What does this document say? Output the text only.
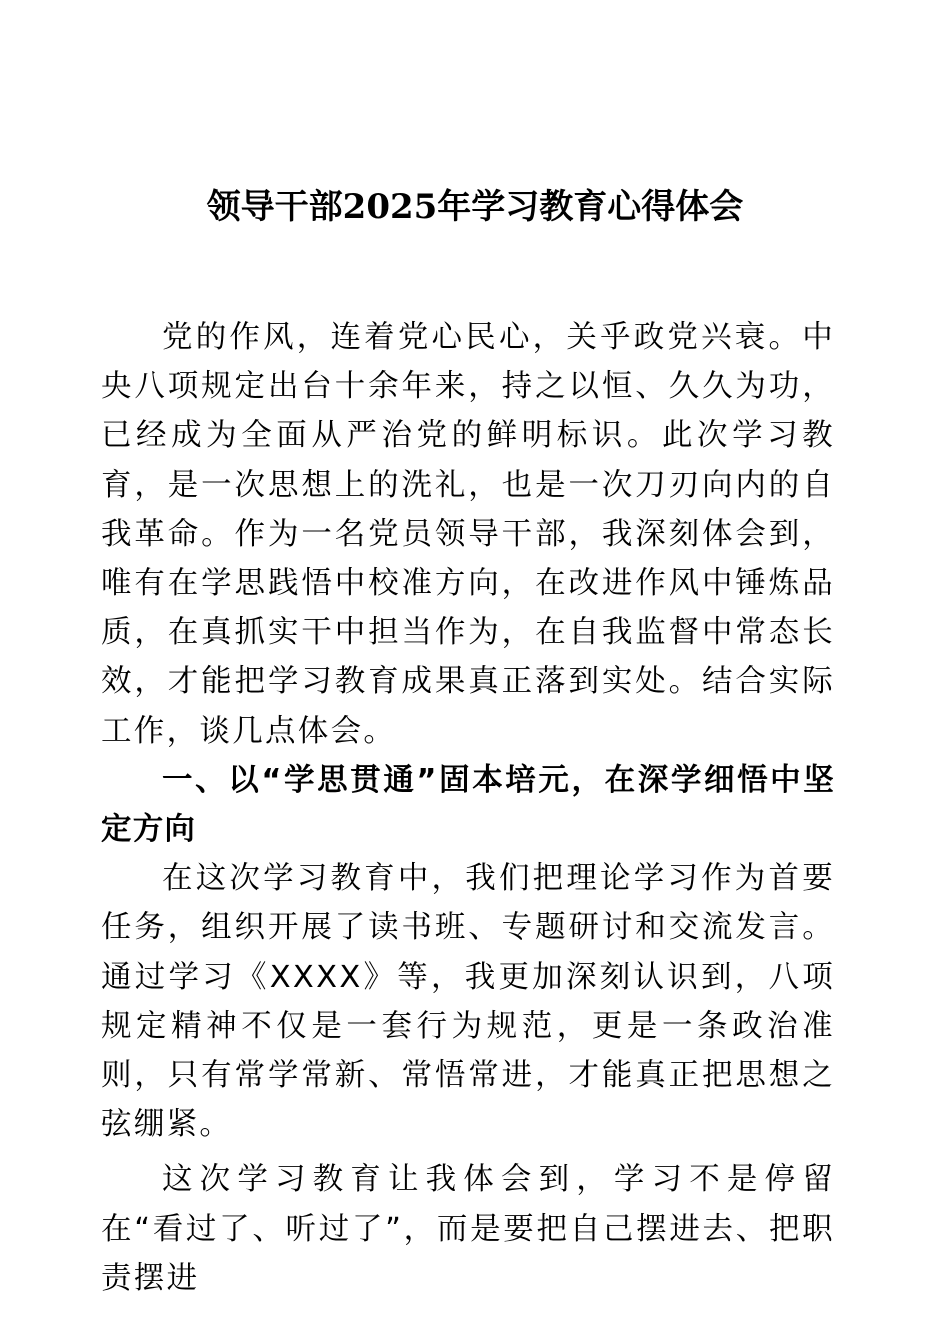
领导干部2025年学习教育心得体会

党的作风，连着党心民心，关乎政党兴衰。中央八项规定出台十余年来，持之以恒、久久为功，已经成为全面从严治党的鲜明标识。此次学习教育，是一次思想上的洗礼，也是一次刀刃向内的自我革命。作为一名党员领导干部，我深刻体会到，唯有在学思践悟中校准方向，在改进作风中锤炼品质，在真抓实干中担当作为，在自我监督中常态长效，才能把学习教育成果真正落到实处。结合实际工作，谈几点体会。

一、以“学思贯通”固本培元，在深学细悟中坚定方向

在这次学习教育中，我们把理论学习作为首要任务，组织开展了读书班、专题研讨和交流发言。通过学习《XXXX》等，我更加深刻认识到，八项规定精神不仅是一套行为规范，更是一条政治准则，只有常学常新、常悟常进，才能真正把思想之弦绷紧。

这次学习教育让我体会到，学习不是停留在“看过了、听过了”，而是要把自己摆进去、把职责摆进
